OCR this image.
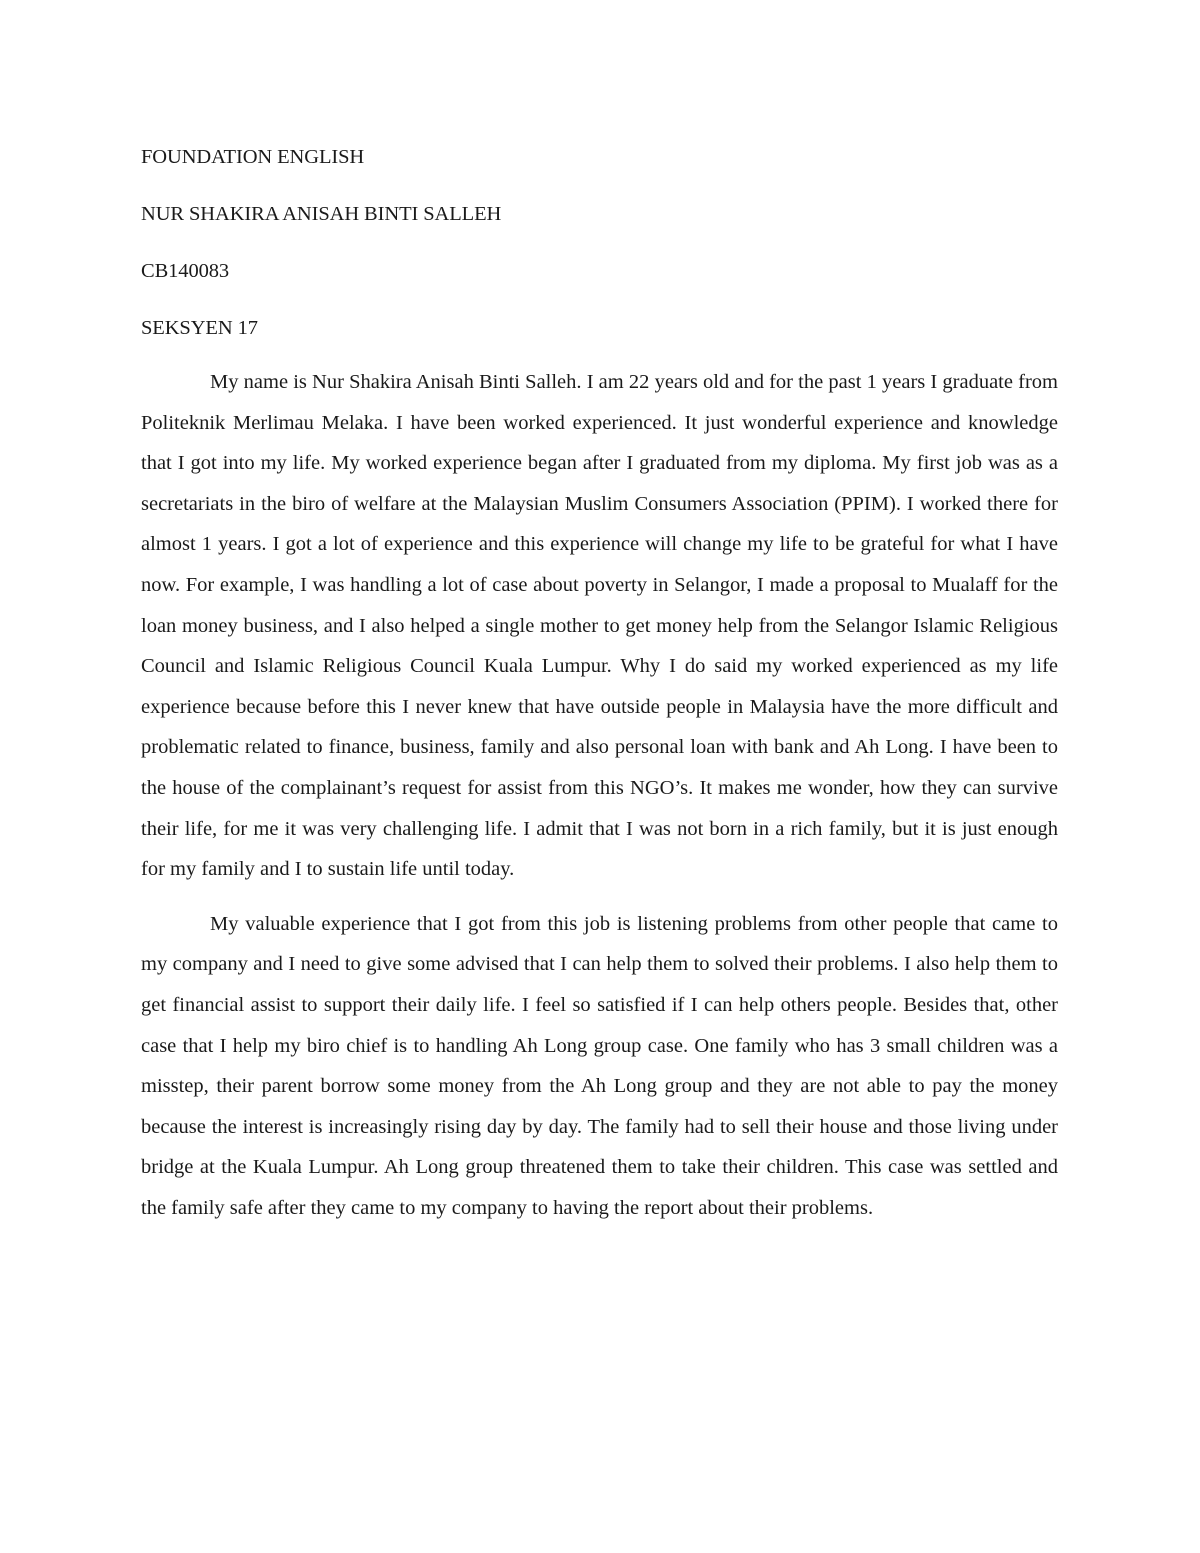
FOUNDATION ENGLISH

NUR SHAKIRA ANISAH BINTI SALLEH

CB140083

SEKSYEN 17

My name is Nur Shakira Anisah Binti Salleh. I am 22 years old and for the past 1 years I graduate from Politeknik Merlimau Melaka. I have been worked experienced. It just wonderful experience and knowledge that I got into my life. My worked experience began after I graduated from my diploma. My first job was as a secretariats in the biro of welfare at the Malaysian Muslim Consumers Association (PPIM). I worked there for almost 1 years. I got a lot of experience and this experience will change my life to be grateful for what I have now. For example, I was handling a lot of case about poverty in Selangor, I made a proposal to Mualaff for the loan money business, and I also helped a single mother to get money help from the Selangor Islamic Religious Council and Islamic Religious Council Kuala Lumpur. Why I do said my worked experienced as my life experience because before this I never knew that have outside people in Malaysia have the more difficult and problematic related to finance, business, family and also personal loan with bank and Ah Long. I have been to the house of the complainant’s request for assist from this NGO’s. It makes me wonder, how they can survive their life, for me it was very challenging life. I admit that I was not born in a rich family, but it is just enough for my family and I to sustain life until today.

My valuable experience that I got from this job is listening problems from other people that came to my company and I need to give some advised that I can help them to solved their problems. I also help them to get financial assist to support their daily life. I feel so satisfied if I can help others people. Besides that, other case that I help my biro chief is to handling Ah Long group case. One family who has 3 small children was a misstep, their parent borrow some money from the Ah Long group and they are not able to pay the money because the interest is increasingly rising day by day. The family had to sell their house and those living under bridge at the Kuala Lumpur. Ah Long group threatened them to take their children. This case was settled and the family safe after they came to my company to having the report about their problems.
